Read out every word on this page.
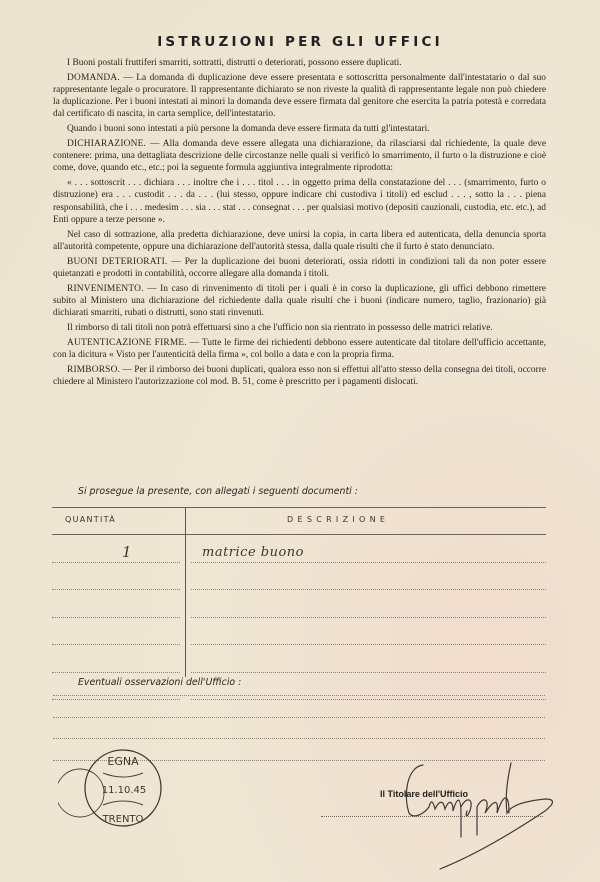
ISTRUZIONI PER GLI UFFICI

I Buoni postali fruttiferi smarriti, sottratti, distrutti o deteriorati, possono essere duplicati.

DOMANDA. — La domanda di duplicazione deve essere presentata e sottoscritta personalmente dall'intestatario o dal suo rappresentante legale o procuratore. Il rappresentante dichiarato se non riveste la qualità di rappresentante legale non può chiedere la duplicazione. Per i buoni intestati ai minori la domanda deve essere firmata dal genitore che esercita la patria potestà e corredata dal certificato di nascita, in carta semplice, dell'intestatario.

Quando i buoni sono intestati a più persone la domanda deve essere firmata da tutti gl'intestatari.

DICHIARAZIONE. — Alla domanda deve essere allegata una dichiarazione, da rilasciarsi dal richiedente, la quale deve contenere: prima, una dettagliata descrizione delle circostanze nelle quali si verificò lo smarrimento, il furto o la distruzione e cioè come, dove, quando etc., etc.; poi la seguente formula aggiuntiva integralmente riprodotta:

« . . . sottoscrit . . . dichiara . . . inoltre che i . . . titol . . . in oggetto prima della constatazione del . . . (smarrimento, furto o distruzione) era . . . custodit . . . da . . . (lui stesso, oppure indicare chi custodiva i titoli) ed esclud . . . , sotto la . . . piena responsabilità, che i . . . medesim . . . sia . . . stat . . . consegnat . . . per qualsiasi motivo (depositi cauzionali, custodia, etc. etc.), ad Enti oppure a terze persone ».

Nel caso di sottrazione, alla predetta dichiarazione, deve unirsi la copia, in carta libera ed autenticata, della denuncia sporta all'autorità competente, oppure una dichiarazione dell'autorità stessa, dalla quale risulti che il furto è stato denunciato.

BUONI DETERIORATI. — Per la duplicazione dei buoni deteriorati, ossia ridotti in condizioni tali da non poter essere quietanzati e prodotti in contabilità, occorre allegare alla domanda i titoli.

RINVENIMENTO. — In caso di rinvenimento di titoli per i quali è in corso la duplicazione, gli uffici debbono rimettere subito al Ministero una dichiarazione del richiedente dalla quale risulti che i buoni (indicare numero, taglio, frazionario) già dichiarati smarriti, rubati o distrutti, sono stati rinvenuti.

Il rimborso di tali titoli non potrà effettuarsi sino a che l'ufficio non sia rientrato in possesso delle matrici relative.

AUTENTICAZIONE FIRME. — Tutte le firme dei richiedenti debbono essere autenticate dal titolare dell'ufficio accettante, con la dicitura « Visto per l'autenticità della firma », col bollo a data e con la propria firma.

RIMBORSO. — Per il rimborso dei buoni duplicati, qualora esso non si effettui all'atto stesso della consegna dei titoli, occorre chiedere al Ministero l'autorizzazione col mod. B. 51, come è prescritto per i pagamenti dislocati.

Si prosegue la presente, con allegati i seguenti documenti :
QUANTITÀ	DESCRIZIONE
1	matrice buono
Eventuali osservazioni dell'Ufficio :
EGNA
11.10.45
TRENTO
Il Titolare dell'Ufficio
